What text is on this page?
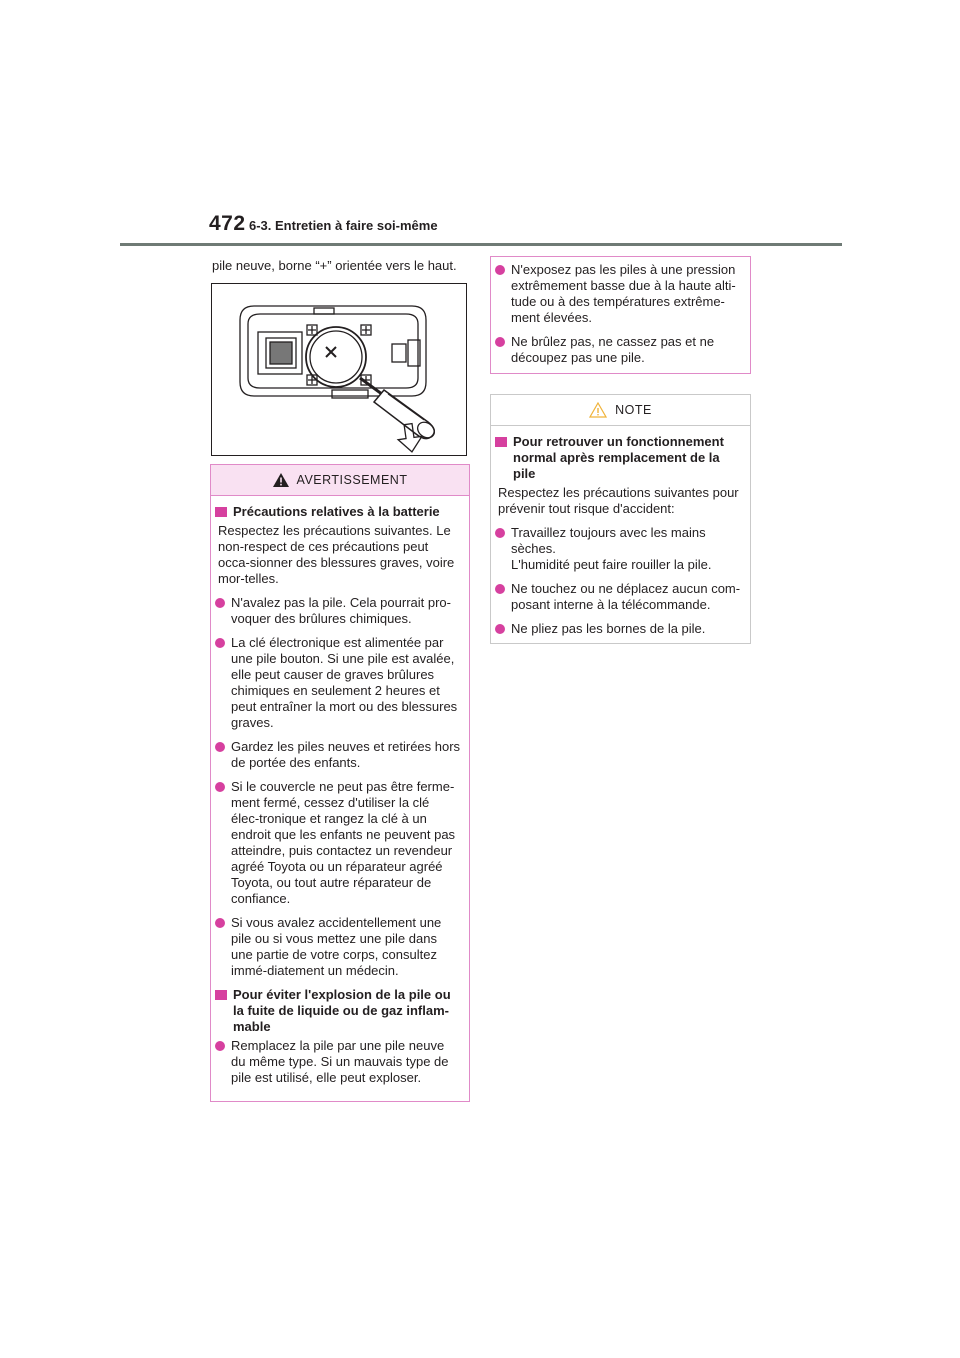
472 6-3. Entretien à faire soi-même
pile neuve, borne “+” orientée vers le haut.
AVERTISSEMENT
Précautions relatives à la batterie
Respectez les précautions suivantes. Le non-respect de ces précautions peut occa-sionner des blessures graves, voire mor-telles.
N'avalez pas la pile. Cela pourrait pro-voquer des brûlures chimiques.
La clé électronique est alimentée par une pile bouton. Si une pile est avalée, elle peut causer de graves brûlures chimiques en seulement 2 heures et peut entraîner la mort ou des blessures graves.
Gardez les piles neuves et retirées hors de portée des enfants.
Si le couvercle ne peut pas être ferme-ment fermé, cessez d'utiliser la clé élec-tronique et rangez la clé à un endroit que les enfants ne peuvent pas atteindre, puis contactez un revendeur agréé Toyota ou un réparateur agréé Toyota, ou tout autre réparateur de confiance.
Si vous avalez accidentellement une pile ou si vous mettez une pile dans une partie de votre corps, consultez immé-diatement un médecin.
Pour éviter l'explosion de la pile ou la fuite de liquide ou de gaz inflam-mable
Remplacez la pile par une pile neuve du même type. Si un mauvais type de pile est utilisé, elle peut exploser.
N'exposez pas les piles à une pression extrêmement basse due à la haute alti-tude ou à des températures extrême-ment élevées.
Ne brûlez pas, ne cassez pas et ne découpez pas une pile.
NOTE
Pour retrouver un fonctionnement normal après remplacement de la pile
Respectez les précautions suivantes pour prévenir tout risque d'accident:
Travaillez toujours avec les mains sèches.
L'humidité peut faire rouiller la pile.
Ne touchez ou ne déplacez aucun com-posant interne à la télécommande.
Ne pliez pas les bornes de la pile.
